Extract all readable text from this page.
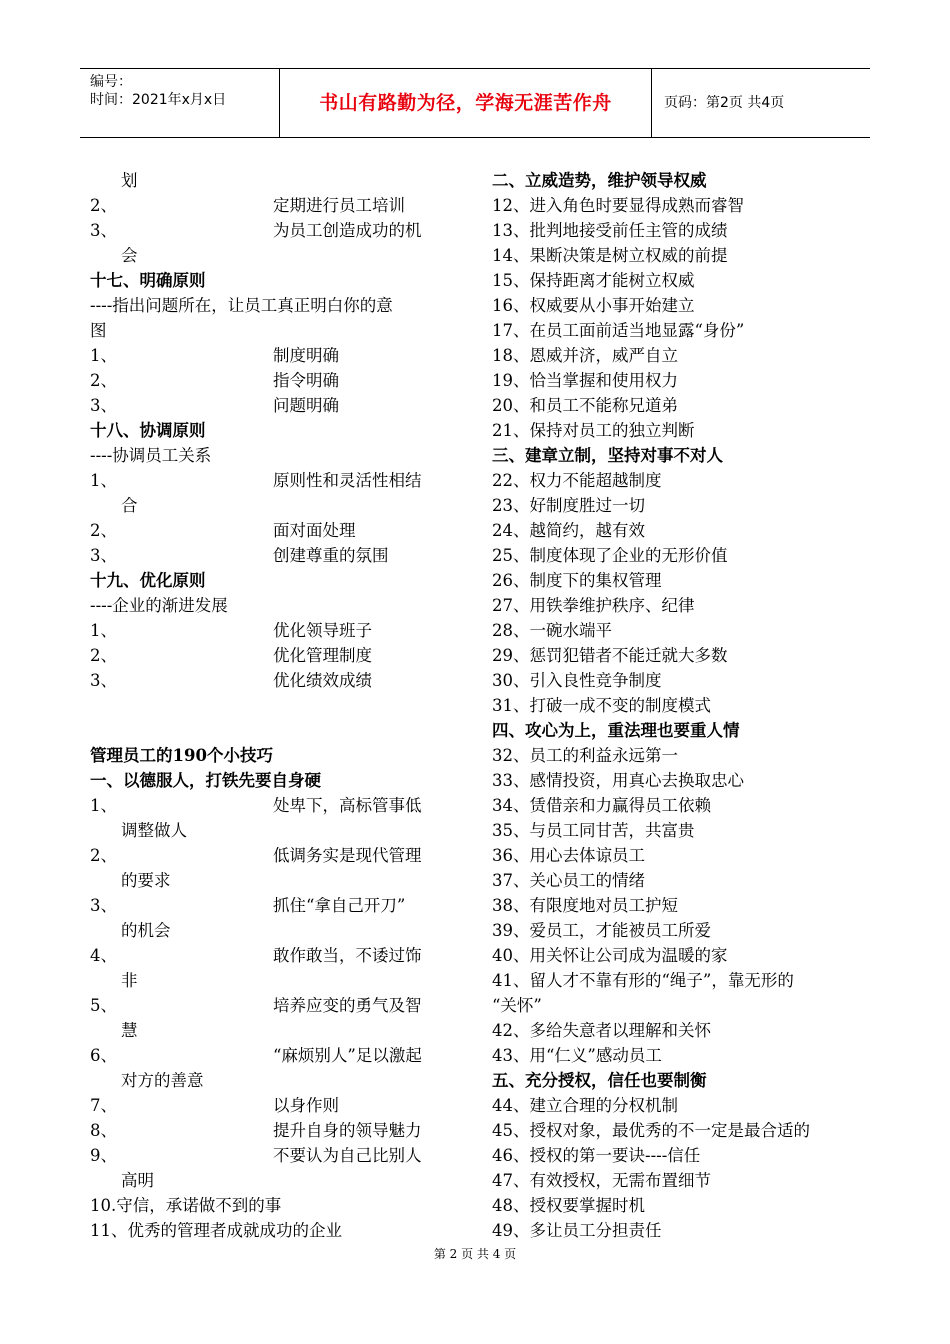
编号：
时间：2021年x月x日	书山有路勤为径，学海无涯苦作舟	页码：第2页 共4页
划
2、	定期进行员工培训
3、	为员工创造成功的机
会
十七、明确原则
----指出问题所在，让员工真正明白你的意
图
1、	制度明确
2、	指令明确
3、	问题明确
十八、协调原则
----协调员工关系
1、	原则性和灵活性相结
合
2、	面对面处理
3、	创建尊重的氛围
十九、优化原则
----企业的渐进发展
1、	优化领导班子
2、	优化管理制度
3、	优化绩效成绩
管理员工的190个小技巧
一、以德服人，打铁先要自身硬
1、	处卑下，高标管事低
调整做人
2、	低调务实是现代管理
的要求
3、	抓住“拿自己开刀”
的机会
4、	敢作敢当，不诿过饰
非
5、	培养应变的勇气及智
慧
6、	“麻烦别人”足以激起
对方的善意
7、	以身作则
8、	提升自身的领导魅力
9、	不要认为自己比别人
高明
10.守信，承诺做不到的事
11、优秀的管理者成就成功的企业
二、立威造势，维护领导权威
12、进入角色时要显得成熟而睿智
13、批判地接受前任主管的成绩
14、果断决策是树立权威的前提
15、保持距离才能树立权威
16、权威要从小事开始建立
17、在员工面前适当地显露“身份”
18、恩威并济，威严自立
19、恰当掌握和使用权力
20、和员工不能称兄道弟
21、保持对员工的独立判断
三、建章立制，坚持对事不对人
22、权力不能超越制度
23、好制度胜过一切
24、越简约，越有效
25、制度体现了企业的无形价值
26、制度下的集权管理
27、用铁拳维护秩序、纪律
28、一碗水端平
29、惩罚犯错者不能迁就大多数
30、引入良性竞争制度
31、打破一成不变的制度模式
四、攻心为上，重法理也要重人情
32、员工的利益永远第一
33、感情投资，用真心去换取忠心
34、赁借亲和力赢得员工依赖
35、与员工同甘苦，共富贵
36、用心去体谅员工
37、关心员工的情绪
38、有限度地对员工护短
39、爱员工，才能被员工所爱
40、用关怀让公司成为温暖的家
41、留人才不靠有形的“绳子”，靠无形的
“关怀”
42、多给失意者以理解和关怀
43、用“仁义”感动员工
五、充分授权，信任也要制衡
44、建立合理的分权机制
45、授权对象，最优秀的不一定是最合适的
46、授权的第一要诀----信任
47、有效授权，无需布置细节
48、授权要掌握时机
49、多让员工分担责任
第 2 页 共 4 页
